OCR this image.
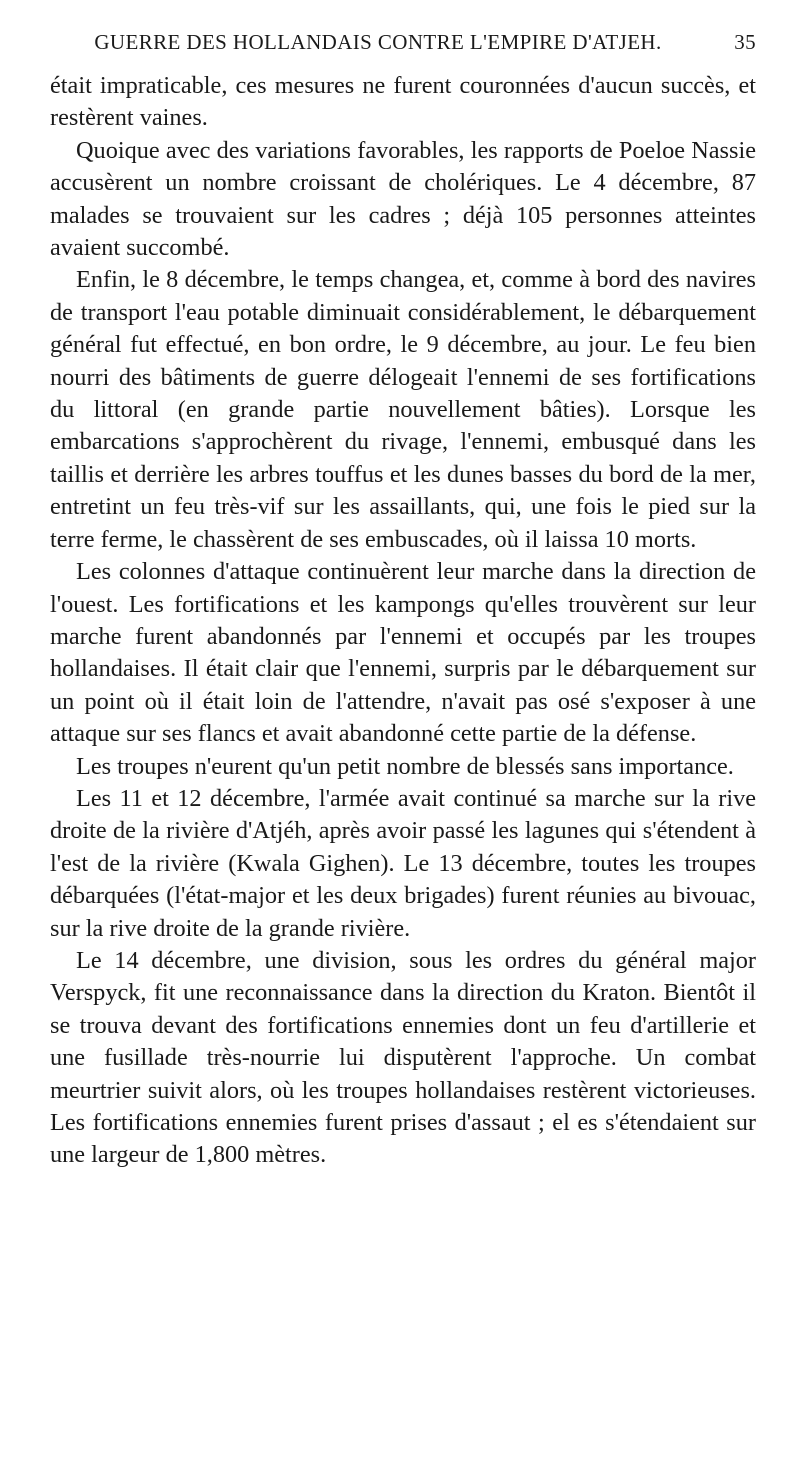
GUERRE DES HOLLANDAIS CONTRE L'EMPIRE D'ATJEH.	35

était impraticable, ces mesures ne furent couronnées d'aucun succès, et restèrent vaines.

Quoique avec des variations favorables, les rapports de Poeloe Nassie accusèrent un nombre croissant de cholériques. Le 4 décembre, 87 malades se trouvaient sur les cadres ; déjà 105 personnes atteintes avaient succombé.

Enfin, le 8 décembre, le temps changea, et, comme à bord des navires de transport l'eau potable diminuait considérablement, le débarquement général fut effectué, en bon ordre, le 9 décembre, au jour. Le feu bien nourri des bâtiments de guerre délogeait l'ennemi de ses fortifications du littoral (en grande partie nouvellement bâties). Lorsque les embarcations s'approchèrent du rivage, l'ennemi, embusqué dans les taillis et derrière les arbres touffus et les dunes basses du bord de la mer, entretint un feu très-vif sur les assaillants, qui, une fois le pied sur la terre ferme, le chassèrent de ses embuscades, où il laissa 10 morts.

Les colonnes d'attaque continuèrent leur marche dans la direction de l'ouest. Les fortifications et les kampongs qu'elles trouvèrent sur leur marche furent abandonnés par l'ennemi et occupés par les troupes hollandaises. Il était clair que l'ennemi, surpris par le débarquement sur un point où il était loin de l'attendre, n'avait pas osé s'exposer à une attaque sur ses flancs et avait abandonné cette partie de la défense.

Les troupes n'eurent qu'un petit nombre de blessés sans importance.

Les 11 et 12 décembre, l'armée avait continué sa marche sur la rive droite de la rivière d'Atjéh, après avoir passé les lagunes qui s'étendent à l'est de la rivière (Kwala Gighen). Le 13 décembre, toutes les troupes débarquées (l'état-major et les deux brigades) furent réunies au bivouac, sur la rive droite de la grande rivière.

Le 14 décembre, une division, sous les ordres du général major Verspyck, fit une reconnaissance dans la direction du Kraton. Bientôt il se trouva devant des fortifications ennemies dont un feu d'artillerie et une fusillade très-nourrie lui disputèrent l'approche. Un combat meurtrier suivit alors, où les troupes hollandaises restèrent victorieuses. Les fortifications ennemies furent prises d'assaut ; el es s'étendaient sur une largeur de 1,800 mètres.
